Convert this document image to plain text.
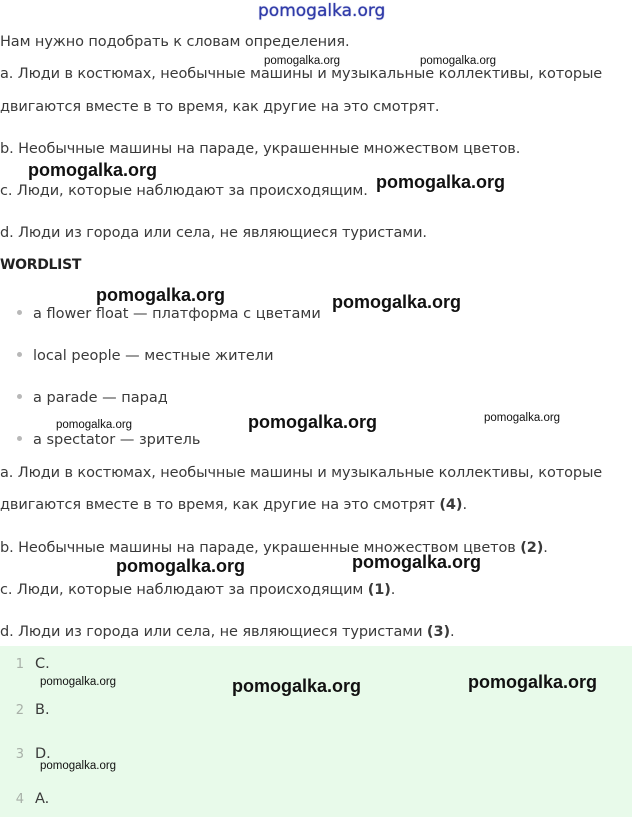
pomogalka.org
Нам нужно подобрать к словам определения.
a. Люди в костюмах, необычные машины и музыкальные коллективы, которые
двигаются вместе в то время, как другие на это смотрят.
b. Необычные машины на параде, украшенные множеством цветов.
c. Люди, которые наблюдают за происходящим.
d. Люди из города или села, не являющиеся туристами.
WORDLIST
a flower float — платформа с цветами
local people — местные жители
a parade — парад
a spectator — зритель
a. Люди в костюмах, необычные машины и музыкальные коллективы, которые
двигаются вместе в то время, как другие на это смотрят (4).
b. Необычные машины на параде, украшенные множеством цветов (2).
c. Люди, которые наблюдают за происходящим (1).
d. Люди из города или села, не являющиеся туристами (3).
1 C.
2 B.
3 D.
4 A.
pomogalka.org	pomogalka.org
pomogalka.org
pomogalka.org
pomogalka.org	pomogalka.org
pomogalka.org	pomogalka.org	pomogalka.org
pomogalka.org	pomogalka.org
pomogalka.org	pomogalka.org	pomogalka.org
pomogalka.org
